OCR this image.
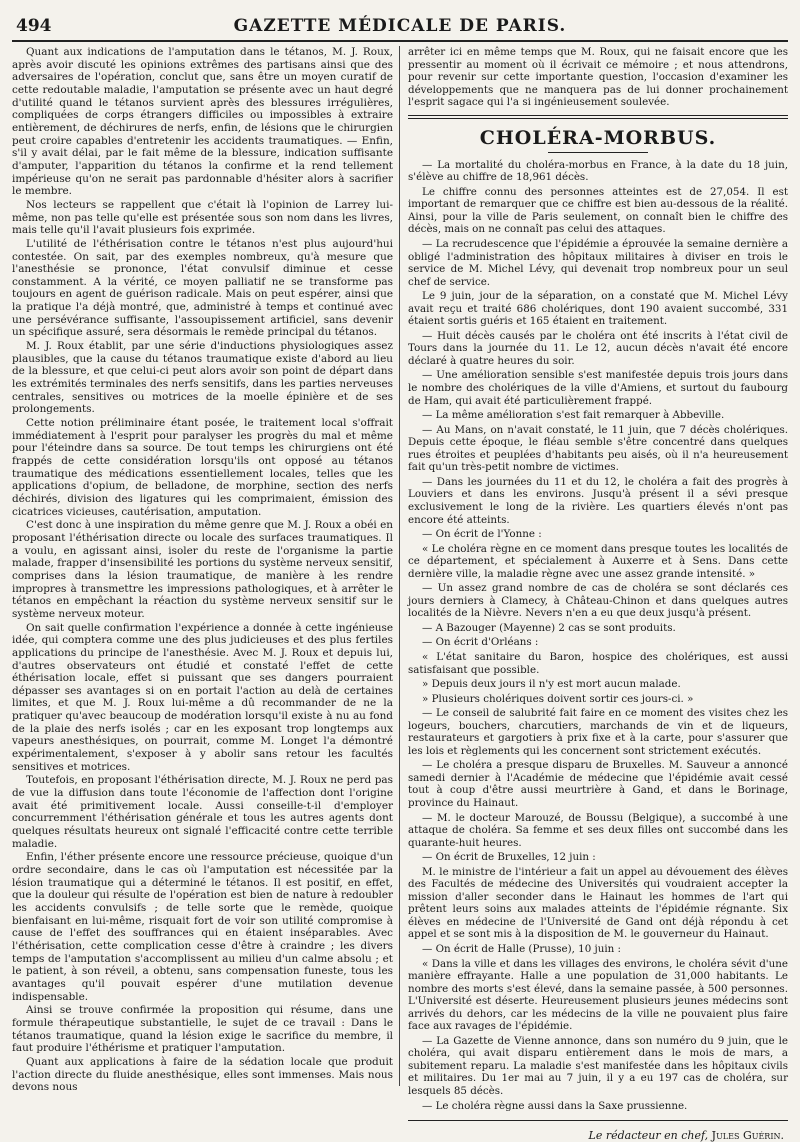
494	GAZETTE MÉDICALE DE PARIS.

Quant aux indications de l'amputation dans le tétanos, M. J. Roux, après avoir discuté les opinions extrêmes des partisans ainsi que des adversaires de l'opération, conclut que, sans être un moyen curatif de cette redoutable maladie, l'amputation se présente avec un haut degré d'utilité quand le tétanos survient après des blessures irrégulières, compliquées de corps étrangers difficiles ou impossibles à extraire entièrement, de déchirures de nerfs, enfin, de lésions que le chirurgien peut croire capables d'entretenir les accidents traumatiques. — Enfin, s'il y avait délai, par le fait même de la blessure, indication suffisante d'amputer, l'apparition du tétanos la confirme et la rend tellement impérieuse qu'on ne serait pas pardonnable d'hésiter alors à sacrifier le membre.

Nos lecteurs se rappellent que c'était là l'opinion de Larrey lui-même, non pas telle qu'elle est présentée sous son nom dans les livres, mais telle qu'il l'avait plusieurs fois exprimée.

L'utilité de l'éthérisation contre le tétanos n'est plus aujourd'hui contestée. On sait, par des exemples nombreux, qu'à mesure que l'anesthésie se prononce, l'état convulsif diminue et cesse constamment. A la vérité, ce moyen palliatif ne se transforme pas toujours en agent de guérison radicale. Mais on peut espérer, ainsi que la pratique l'a déjà montré, que, administré à temps et continué avec une persévérance suffisante, l'assoupissement artificiel, sans devenir un spécifique assuré, sera désormais le remède principal du tétanos.

M. J. Roux établit, par une série d'inductions physiologiques assez plausibles, que la cause du tétanos traumatique existe d'abord au lieu de la blessure, et que celui-ci peut alors avoir son point de départ dans les extrémités terminales des nerfs sensitifs, dans les parties nerveuses centrales, sensitives ou motrices de la moelle épinière et de ses prolongements.

Cette notion préliminaire étant posée, le traitement local s'offrait immédiatement à l'esprit pour paralyser les progrès du mal et même pour l'éteindre dans sa source. De tout temps les chirurgiens ont été frappés de cette considération lorsqu'ils ont opposé au tétanos traumatique des médications essentiellement locales, telles que les applications d'opium, de belladone, de morphine, section des nerfs déchirés, division des ligatures qui les comprimaient, émission des cicatrices vicieuses, cautérisation, amputation.

C'est donc à une inspiration du même genre que M. J. Roux a obéi en proposant l'éthérisation directe ou locale des surfaces traumatiques. Il a voulu, en agissant ainsi, isoler du reste de l'organisme la partie malade, frapper d'insensibilité les portions du système nerveux sensitif, comprises dans la lésion traumatique, de manière à les rendre impropres à transmettre les impressions pathologiques, et à arrêter le tétanos en empêchant la réaction du système nerveux sensitif sur le système nerveux moteur.

On sait quelle confirmation l'expérience a donnée à cette ingénieuse idée, qui comptera comme une des plus judicieuses et des plus fertiles applications du principe de l'anesthésie. Avec M. J. Roux et depuis lui, d'autres observateurs ont étudié et constaté l'effet de cette éthérisation locale, effet si puissant que ses dangers pourraient dépasser ses avantages si on en portait l'action au delà de certaines limites, et que M. J. Roux lui-même a dû recommander de ne la pratiquer qu'avec beaucoup de modération lorsqu'il existe à nu au fond de la plaie des nerfs isolés ; car en les exposant trop longtemps aux vapeurs anesthésiques, on pourrait, comme M. Longet l'a démontré expérimentalement, s'exposer à y abolir sans retour les facultés sensitives et motrices.

Toutefois, en proposant l'éthérisation directe, M. J. Roux ne perd pas de vue la diffusion dans toute l'économie de l'affection dont l'origine avait été primitivement locale. Aussi conseille-t-il d'employer concurremment l'éthérisation générale et tous les autres agents dont quelques résultats heureux ont signalé l'efficacité contre cette terrible maladie.

Enfin, l'éther présente encore une ressource précieuse, quoique d'un ordre secondaire, dans le cas où l'amputation est nécessitée par la lésion traumatique qui a déterminé le tétanos. Il est positif, en effet, que la douleur qui résulte de l'opération est bien de nature à redoubler les accidents convulsifs ; de telle sorte que le remède, quoique bienfaisant en lui-même, risquait fort de voir son utilité compromise à cause de l'effet des souffrances qui en étaient inséparables. Avec l'éthérisation, cette complication cesse d'être à craindre ; les divers temps de l'amputation s'accomplissent au milieu d'un calme absolu ; et le patient, à son réveil, a obtenu, sans compensation funeste, tous les avantages qu'il pouvait espérer d'une mutilation devenue indispensable.

Ainsi se trouve confirmée la proposition qui résume, dans une formule thérapeutique substantielle, le sujet de ce travail : Dans le tétanos traumatique, quand la lésion exige le sacrifice du membre, il faut produire l'éthérisme et pratiquer l'amputation.

Quant aux applications à faire de la sédation locale que produit l'action directe du fluide anesthésique, elles sont immenses. Mais nous devons nous

arrêter ici en même temps que M. Roux, qui ne faisait encore que les pressentir au moment où il écrivait ce mémoire ; et nous attendrons, pour revenir sur cette importante question, l'occasion d'examiner les développements que ne manquera pas de lui donner prochainement l'esprit sagace qui l'a si ingénieusement soulevée.

CHOLÉRA-MORBUS.

— La mortalité du choléra-morbus en France, à la date du 18 juin, s'élève au chiffre de 18,961 décès.

Le chiffre connu des personnes atteintes est de 27,054. Il est important de remarquer que ce chiffre est bien au-dessous de la réalité. Ainsi, pour la ville de Paris seulement, on connaît bien le chiffre des décès, mais on ne connaît pas celui des attaques.

— La recrudescence que l'épidémie a éprouvée la semaine dernière a obligé l'administration des hôpitaux militaires à diviser en trois le service de M. Michel Lévy, qui devenait trop nombreux pour un seul chef de service.

Le 9 juin, jour de la séparation, on a constaté que M. Michel Lévy avait reçu et traité 686 cholériques, dont 190 avaient succombé, 331 étaient sortis guéris et 165 étaient en traitement.

— Huit décès causés par le choléra ont été inscrits à l'état civil de Tours dans la journée du 11. Le 12, aucun décès n'avait été encore déclaré à quatre heures du soir.

— Une amélioration sensible s'est manifestée depuis trois jours dans le nombre des cholériques de la ville d'Amiens, et surtout du faubourg de Ham, qui avait été particulièrement frappé.

— La même amélioration s'est fait remarquer à Abbeville.

— Au Mans, on n'avait constaté, le 11 juin, que 7 décès cholériques. Depuis cette époque, le fléau semble s'être concentré dans quelques rues étroites et peuplées d'habitants peu aisés, où il n'a heureusement fait qu'un très-petit nombre de victimes.

— Dans les journées du 11 et du 12, le choléra a fait des progrès à Louviers et dans les environs. Jusqu'à présent il a sévi presque exclusivement le long de la rivière. Les quartiers élevés n'ont pas encore été atteints.

— On écrit de l'Yonne :

« Le choléra règne en ce moment dans presque toutes les localités de ce département, et spécialement à Auxerre et à Sens. Dans cette dernière ville, la maladie règne avec une assez grande intensité. »

— Un assez grand nombre de cas de choléra se sont déclarés ces jours derniers à Clamecy, à Château-Chinon et dans quelques autres localités de la Nièvre. Nevers n'en a eu que deux jusqu'à présent.

— A Bazouger (Mayenne) 2 cas se sont produits.

— On écrit d'Orléans :

« L'état sanitaire du Baron, hospice des cholériques, est aussi satisfaisant que possible.

» Depuis deux jours il n'y est mort aucun malade.

» Plusieurs cholériques doivent sortir ces jours-ci. »

— Le conseil de salubrité fait faire en ce moment des visites chez les logeurs, bouchers, charcutiers, marchands de vin et de liqueurs, restaurateurs et gargotiers à prix fixe et à la carte, pour s'assurer que les lois et règlements qui les concernent sont strictement exécutés.

— Le choléra a presque disparu de Bruxelles. M. Sauveur a annoncé samedi dernier à l'Académie de médecine que l'épidémie avait cessé tout à coup d'être aussi meurtrière à Gand, et dans le Borinage, province du Hainaut.

— M. le docteur Marouzé, de Boussu (Belgique), a succombé à une attaque de choléra. Sa femme et ses deux filles ont succombé dans les quarante-huit heures.

— On écrit de Bruxelles, 12 juin :

M. le ministre de l'intérieur a fait un appel au dévouement des élèves des Facultés de médecine des Universités qui voudraient accepter la mission d'aller seconder dans le Hainaut les hommes de l'art qui prêtent leurs soins aux malades atteints de l'épidémie régnante. Six élèves en médecine de l'Université de Gand ont déjà répondu à cet appel et se sont mis à la disposition de M. le gouverneur du Hainaut.

— On écrit de Halle (Prusse), 10 juin :

« Dans la ville et dans les villages des environs, le choléra sévit d'une manière effrayante. Halle a une population de 31,000 habitants. Le nombre des morts s'est élevé, dans la semaine passée, à 500 personnes. L'Université est déserte. Heureusement plusieurs jeunes médecins sont arrivés du dehors, car les médecins de la ville ne pouvaient plus faire face aux ravages de l'épidémie.

— La Gazette de Vienne annonce, dans son numéro du 9 juin, que le choléra, qui avait disparu entièrement dans le mois de mars, a subitement reparu. La maladie s'est manifestée dans les hôpitaux civils et militaires. Du 1er mai au 7 juin, il y a eu 197 cas de choléra, sur lesquels 85 décès.

— Le choléra règne aussi dans la Saxe prussienne.

Le rédacteur en chef, Jules Guérin.
